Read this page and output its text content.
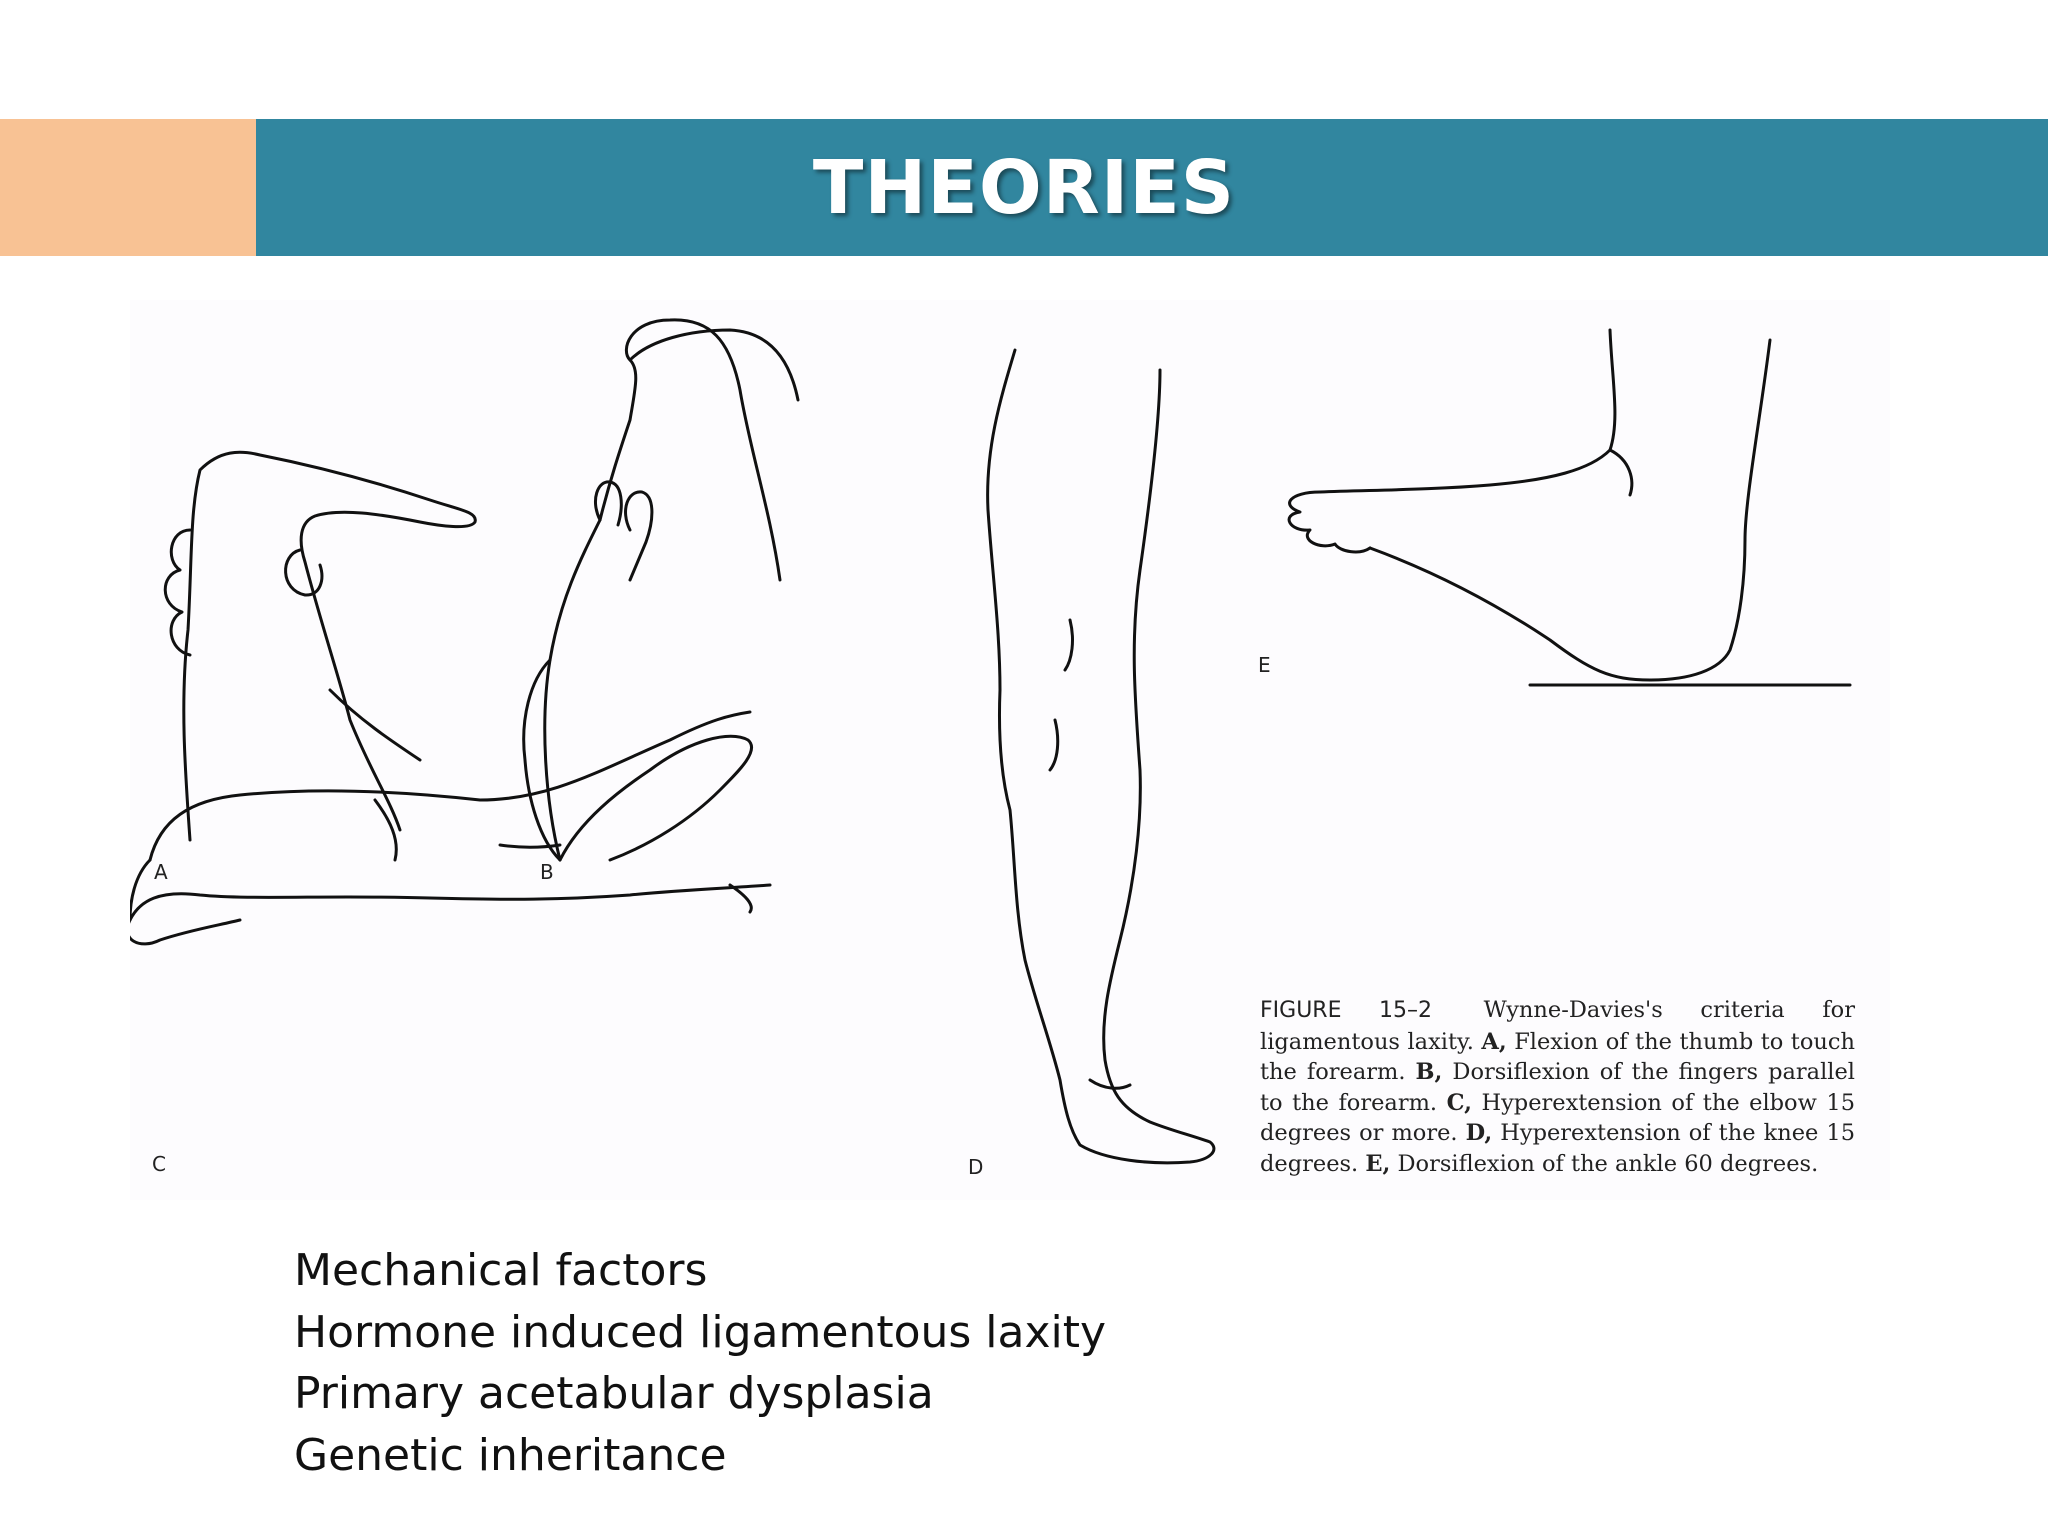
THEORIES
A	B
C	D
E
FIGURE 15–2 Wynne-Davies's criteria for ligamentous laxity. A, Flexion of the thumb to touch the forearm. B, Dorsiflexion of the fingers parallel to the forearm. C, Hyperextension of the elbow 15 degrees or more. D, Hyperextension of the knee 15 degrees. E, Dorsiflexion of the ankle 60 degrees.
Mechanical factors
Hormone induced ligamentous laxity
Primary acetabular dysplasia
Genetic inheritance
